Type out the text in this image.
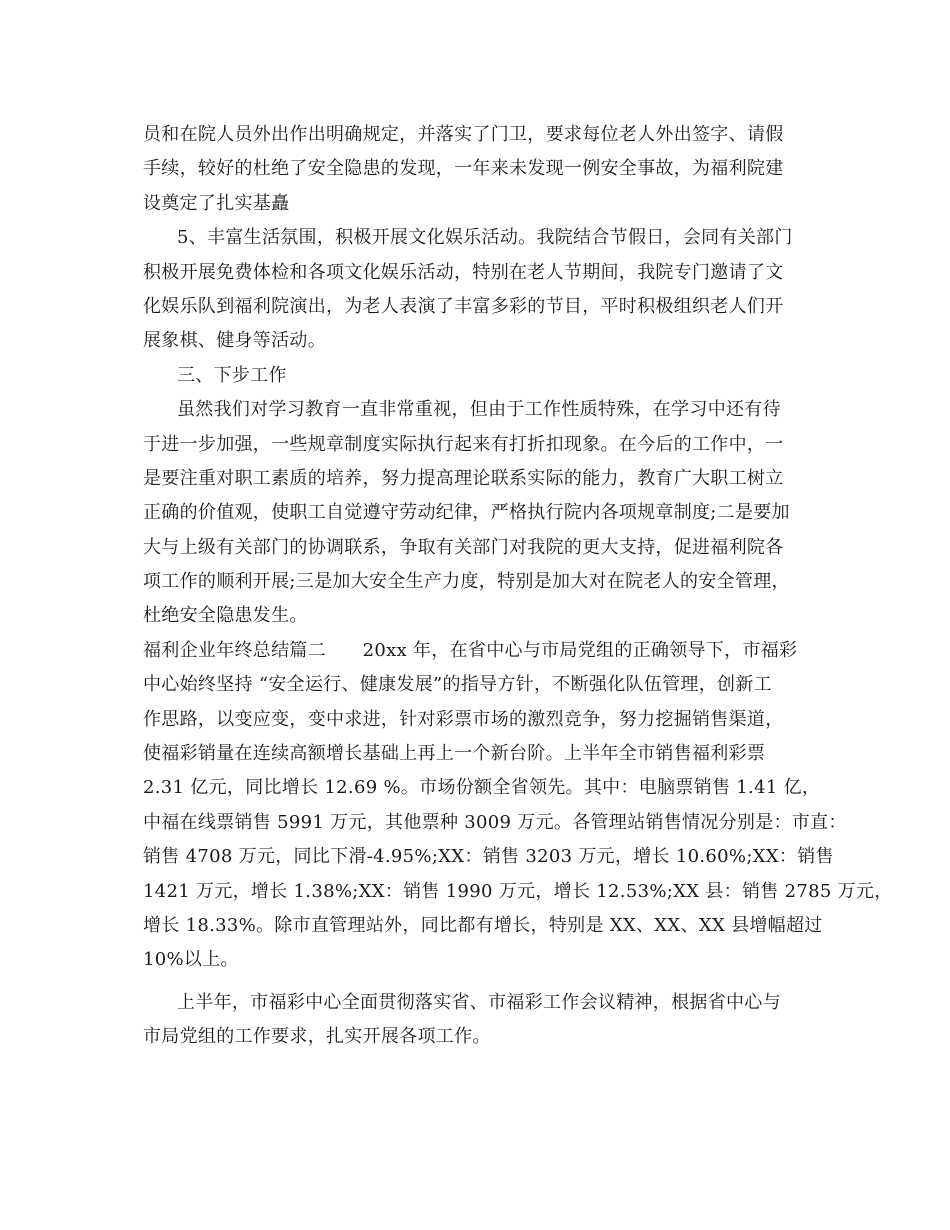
员和在院人员外出作出明确规定，并落实了门卫，要求每位老人外出签字、请假
手续，较好的杜绝了安全隐患的发现，一年来未发现一例安全事故，为福利院建
设奠定了扎实基矗
5、丰富生活氛围，积极开展文化娱乐活动。我院结合节假日，会同有关部门
积极开展免费体检和各项文化娱乐活动，特别在老人节期间，我院专门邀请了文
化娱乐队到福利院演出，为老人表演了丰富多彩的节目，平时积极组织老人们开
展象棋、健身等活动。
三、下步工作
虽然我们对学习教育一直非常重视，但由于工作性质特殊，在学习中还有待
于进一步加强，一些规章制度实际执行起来有打折扣现象。在今后的工作中，一
是要注重对职工素质的培养，努力提高理论联系实际的能力，教育广大职工树立
正确的价值观，使职工自觉遵守劳动纪律，严格执行院内各项规章制度;二是要加
大与上级有关部门的协调联系，争取有关部门对我院的更大支持，促进福利院各
项工作的顺利开展;三是加大安全生产力度，特别是加大对在院老人的安全管理，
杜绝安全隐患发生。
福利企业年终总结篇二　　20xx 年，在省中心与市局党组的正确领导下，市福彩
中心始终坚持 “安全运行、健康发展”的指导方针，不断强化队伍管理，创新工
作思路，以变应变，变中求进，针对彩票市场的激烈竞争，努力挖掘销售渠道，
使福彩销量在连续高额增长基础上再上一个新台阶。上半年全市销售福利彩票
2.31 亿元，同比增长 12.69 %。市场份额全省领先。其中：电脑票销售 1.41 亿，
中福在线票销售 5991 万元，其他票种 3009 万元。各管理站销售情况分别是：市直：
销售 4708 万元，同比下滑-4.95%;XX：销售 3203 万元，增长 10.60%;XX：销售
1421 万元，增长 1.38%;XX：销售 1990 万元，增长 12.53%;XX 县：销售 2785 万元，
增长 18.33%。除市直管理站外，同比都有增长，特别是 XX、XX、XX 县增幅超过
10%以上。
上半年，市福彩中心全面贯彻落实省、市福彩工作会议精神，根据省中心与
市局党组的工作要求，扎实开展各项工作。
